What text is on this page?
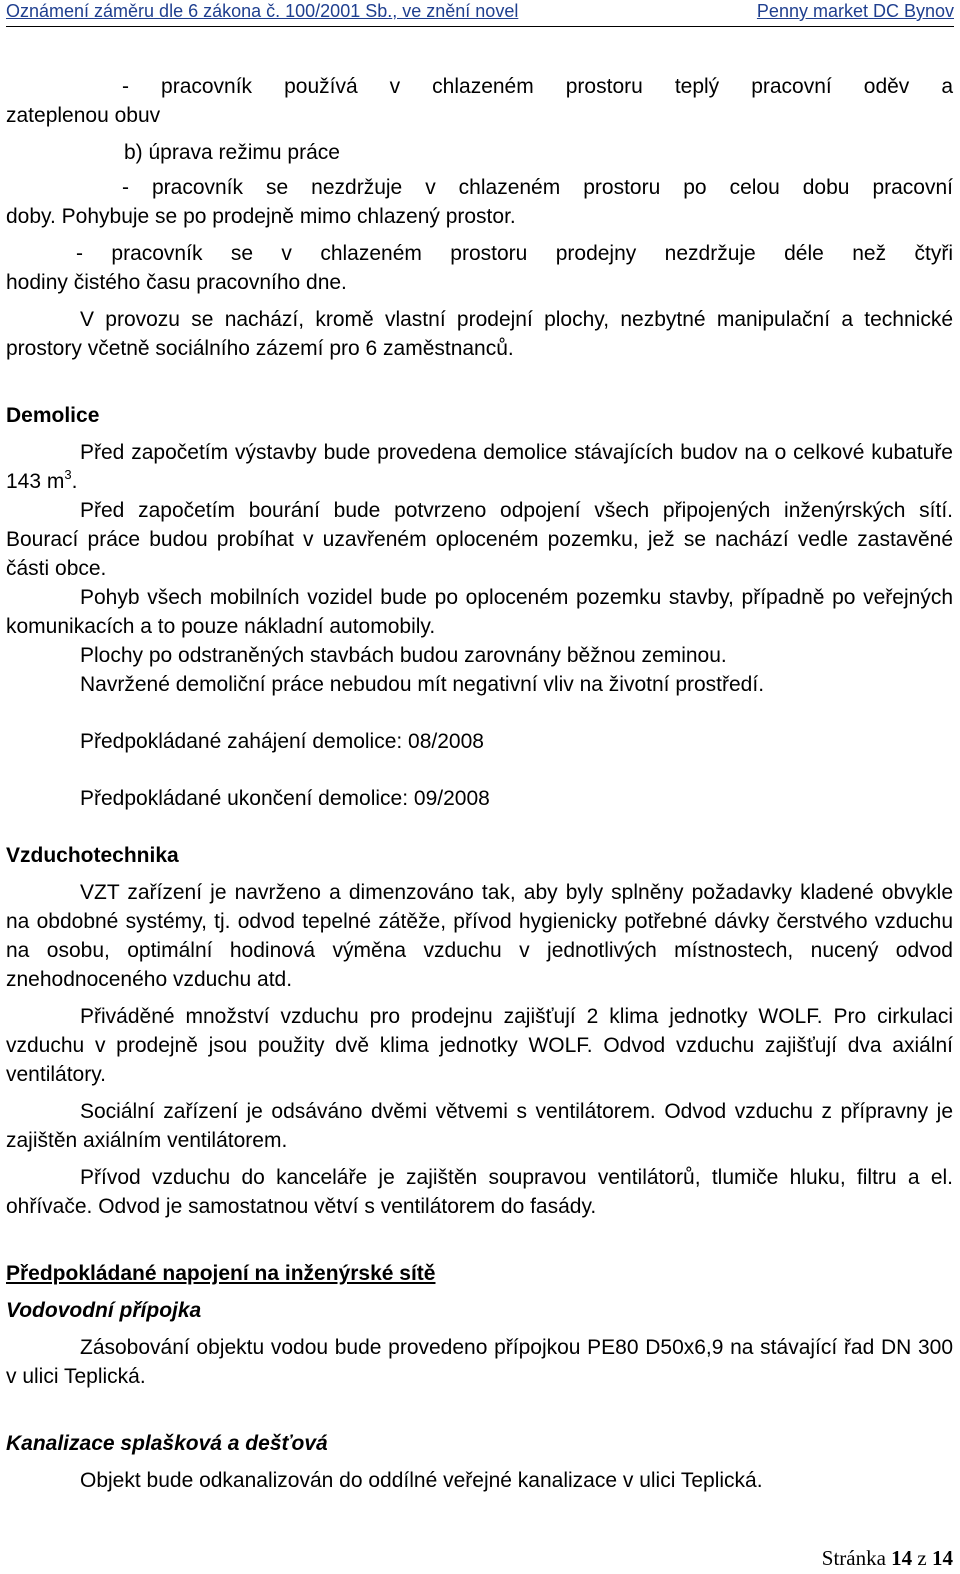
Oznámení záměru dle 6 zákona č. 100/2001 Sb., ve znění novel	Penny market DC Bynov

- pracovník používá v chlazeném prostoru teplý pracovní oděv a

zateplenou obuv

b) úprava režimu práce

- pracovník se nezdržuje v chlazeném prostoru po celou dobu pracovní

doby. Pohybuje se po prodejně mimo chlazený prostor.

- pracovník se v chlazeném prostoru prodejny nezdržuje déle než čtyři

hodiny čistého času pracovního dne.

V provozu se nachází, kromě vlastní prodejní plochy, nezbytné manipulační a technické prostory včetně sociálního zázemí pro 6 zaměstnanců.

Demolice

Před započetím výstavby bude provedena demolice stávajících budov na o celkové kubatuře 143 $m^3$.

Před započetím bourání bude potvrzeno odpojení všech připojených inženýrských sítí. Bourací práce budou probíhat v uzavřeném oploceném pozemku, jež se nachází vedle zastavěné části obce.

Pohyb všech mobilních vozidel bude po oploceném pozemku stavby, případně po veřejných komunikacích a to pouze nákladní automobily.

Plochy po odstraněných stavbách budou zarovnány běžnou zeminou.

Navržené demoliční práce nebudou mít negativní vliv na životní prostředí.

Předpokládané zahájení demolice: 08/2008

Předpokládané ukončení demolice: 09/2008

Vzduchotechnika

VZT zařízení je navrženo a dimenzováno tak, aby byly splněny požadavky kladené obvykle na obdobné systémy, tj. odvod tepelné zátěže, přívod hygienicky potřebné dávky čerstvého vzduchu na osobu, optimální hodinová výměna vzduchu v jednotlivých místnostech, nucený odvod znehodnoceného vzduchu atd.

Přiváděné množství vzduchu pro prodejnu zajišťují 2 klima jednotky WOLF. Pro cirkulaci vzduchu v prodejně jsou použity dvě klima jednotky WOLF. Odvod vzduchu zajišťují dva axiální ventilátory.

Sociální zařízení je odsáváno dvěmi větvemi s ventilátorem. Odvod vzduchu z přípravny je zajištěn axiálním ventilátorem.

Přívod vzduchu do kanceláře je zajištěn soupravou ventilátorů, tlumiče hluku, filtru a el. ohřívače. Odvod je samostatnou větví s ventilátorem do fasády.

Předpokládané napojení na inženýrské sítě

Vodovodní přípojka

Zásobování objektu vodou bude provedeno přípojkou PE80 D50x6,9 na stávající řad DN 300 v ulici Teplická.

Kanalizace splašková a dešťová

Objekt bude odkanalizován do oddílné veřejné kanalizace v ulici Teplická.

Stránka 14 z 14
